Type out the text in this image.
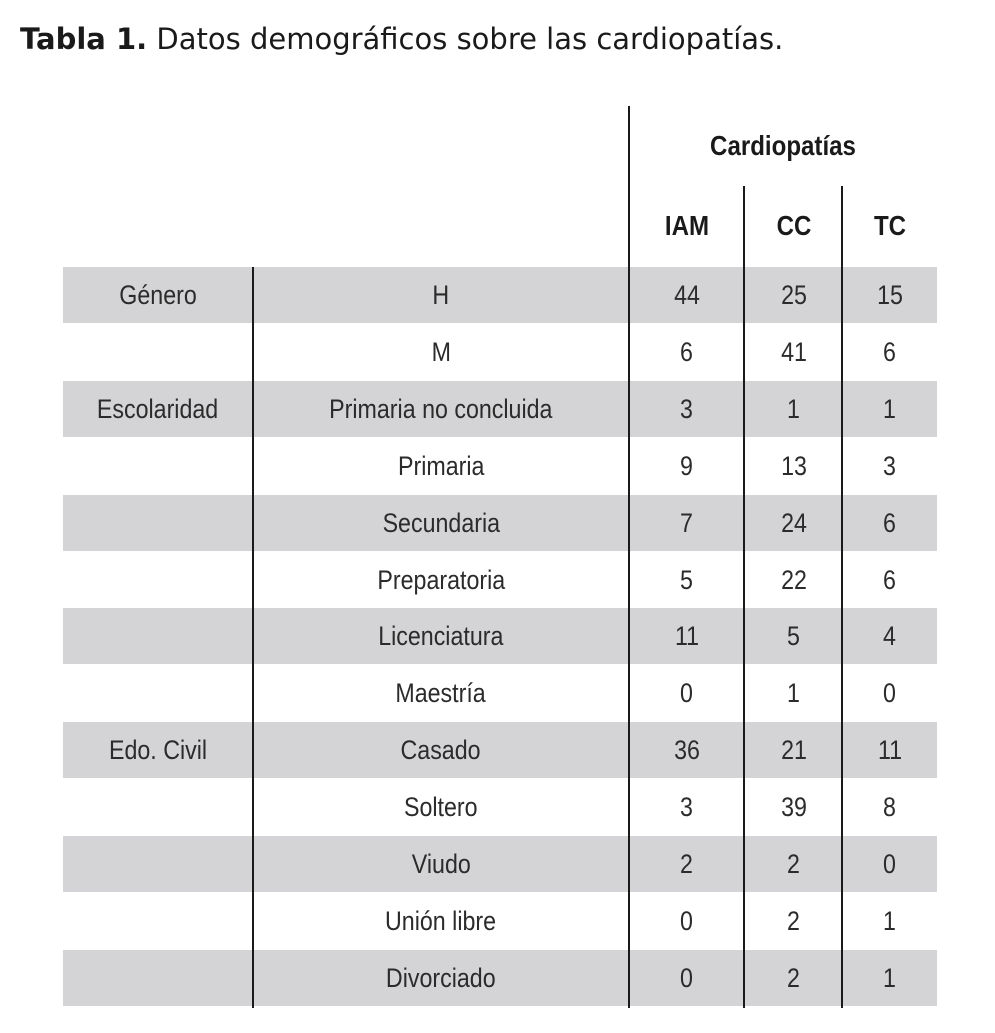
Tabla 1. Datos demográficos sobre las cardiopatías.
Cardiopatías
IAM	CC	TC
Género	H	44	25	15
M	6	41	6
Escolaridad	Primaria no concluida	3	1	1
Primaria	9	13	3
Secundaria	7	24	6
Preparatoria	5	22	6
Licenciatura	11	5	4
Maestría	0	1	0
Edo. Civil	Casado	36	21	11
Soltero	3	39	8
Viudo	2	2	0
Unión libre	0	2	1
Divorciado	0	2	1
